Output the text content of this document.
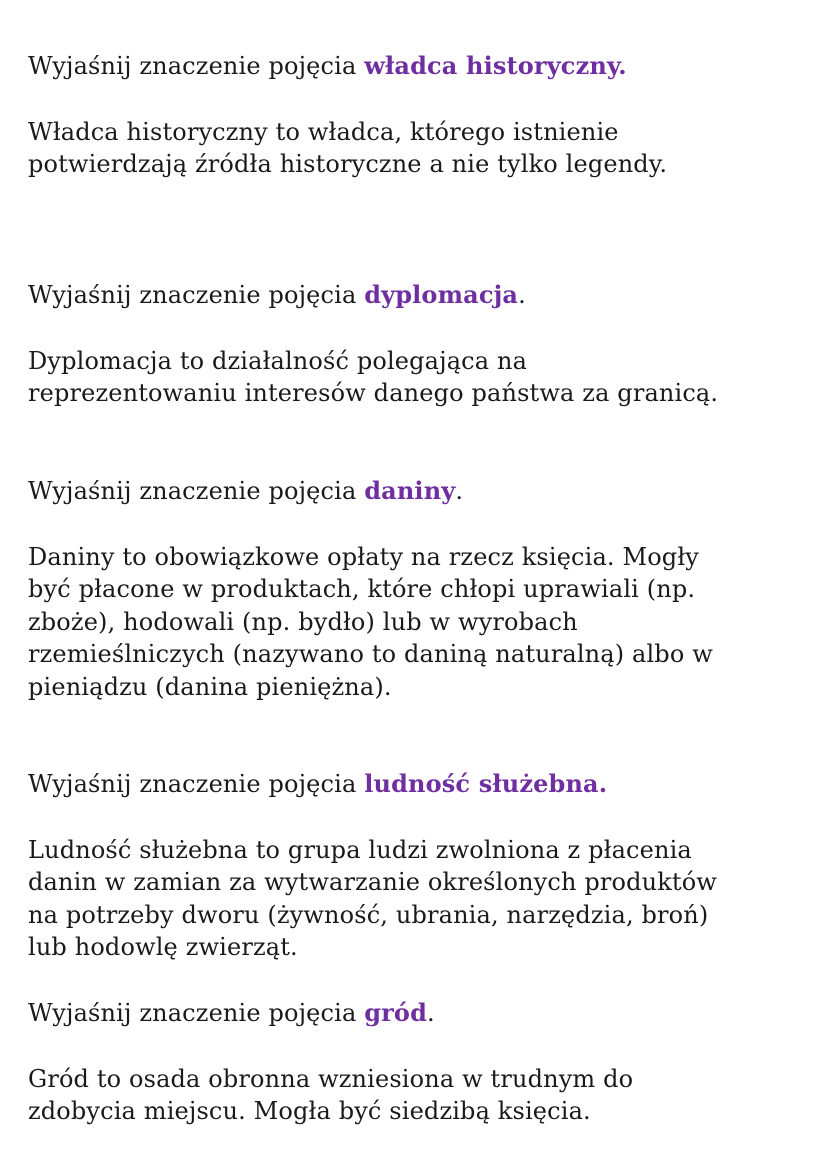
Wyjaśnij znaczenie pojęcia władca historyczny.

Władca historyczny to władca, którego istnienie
potwierdzają źródła historyczne a nie tylko legendy.

Wyjaśnij znaczenie pojęcia dyplomacja.

Dyplomacja to działalność polegająca na
reprezentowaniu interesów danego państwa za granicą.

Wyjaśnij znaczenie pojęcia daniny.

Daniny to obowiązkowe opłaty na rzecz księcia. Mogły
być płacone w produktach, które chłopi uprawiali (np.
zboże), hodowali (np. bydło) lub w wyrobach
rzemieślniczych (nazywano to daniną naturalną) albo w
pieniądzu (danina pieniężna).

Wyjaśnij znaczenie pojęcia ludność służebna.

Ludność służebna to grupa ludzi zwolniona z płacenia
danin w zamian za wytwarzanie określonych produktów
na potrzeby dworu (żywność, ubrania, narzędzia, broń)
lub hodowlę zwierząt.

Wyjaśnij znaczenie pojęcia gród.

Gród to osada obronna wzniesiona w trudnym do
zdobycia miejscu. Mogła być siedzibą księcia.
